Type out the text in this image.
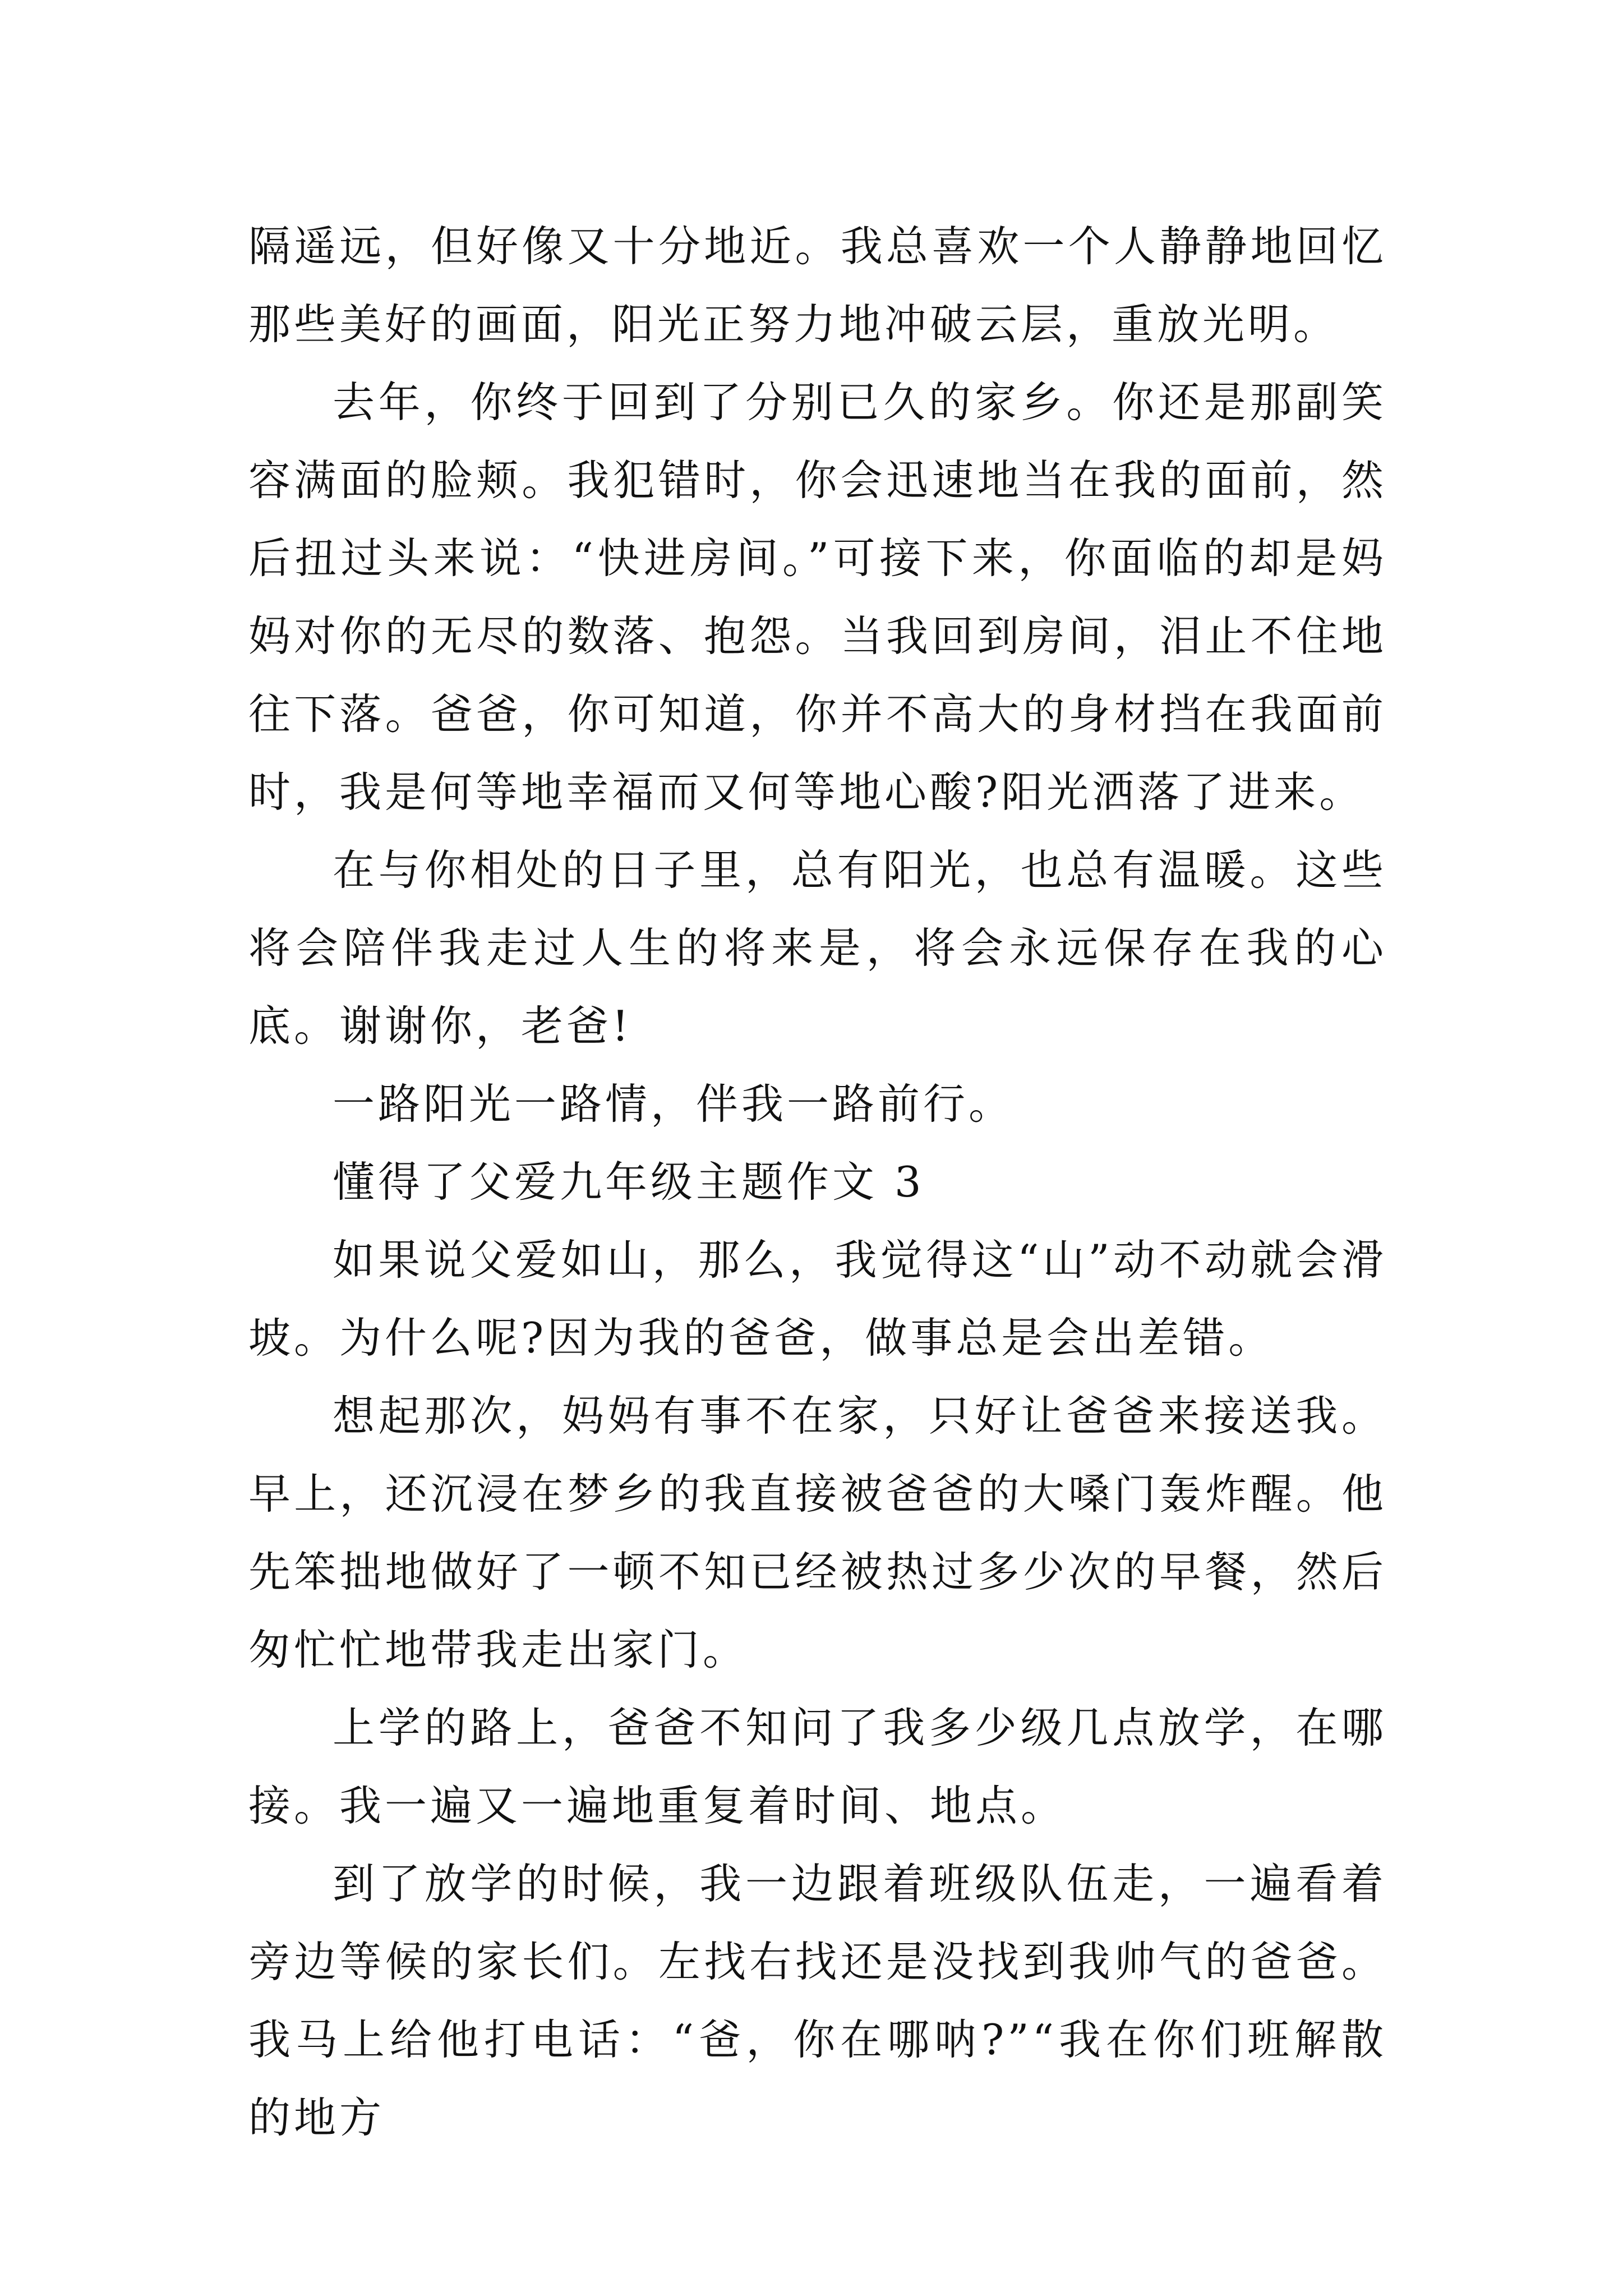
隔遥远，但好像又十分地近。我总喜欢一个人静静地回忆那些美好的画面，阳光正努力地冲破云层，重放光明。

去年，你终于回到了分别已久的家乡。你还是那副笑容满面的脸颊。我犯错时，你会迅速地当在我的面前，然后扭过头来说：“快进房间。”可接下来，你面临的却是妈妈对你的无尽的数落、抱怨。当我回到房间，泪止不住地往下落。爸爸，你可知道，你并不高大的身材挡在我面前时，我是何等地幸福而又何等地心酸?阳光洒落了进来。

在与你相处的日子里，总有阳光，也总有温暖。这些将会陪伴我走过人生的将来是，将会永远保存在我的心底。谢谢你，老爸!

一路阳光一路情，伴我一路前行。

懂得了父爱九年级主题作文 3

如果说父爱如山，那么，我觉得这“山”动不动就会滑坡。为什么呢?因为我的爸爸，做事总是会出差错。

想起那次，妈妈有事不在家，只好让爸爸来接送我。早上，还沉浸在梦乡的我直接被爸爸的大嗓门轰炸醒。他先笨拙地做好了一顿不知已经被热过多少次的早餐，然后匆忙忙地带我走出家门。

上学的路上，爸爸不知问了我多少级几点放学，在哪接。我一遍又一遍地重复着时间、地点。

到了放学的时候，我一边跟着班级队伍走，一遍看着旁边等候的家长们。左找右找还是没找到我帅气的爸爸。我马上给他打电话：“爸，你在哪呐?”“我在你们班解散的地方
